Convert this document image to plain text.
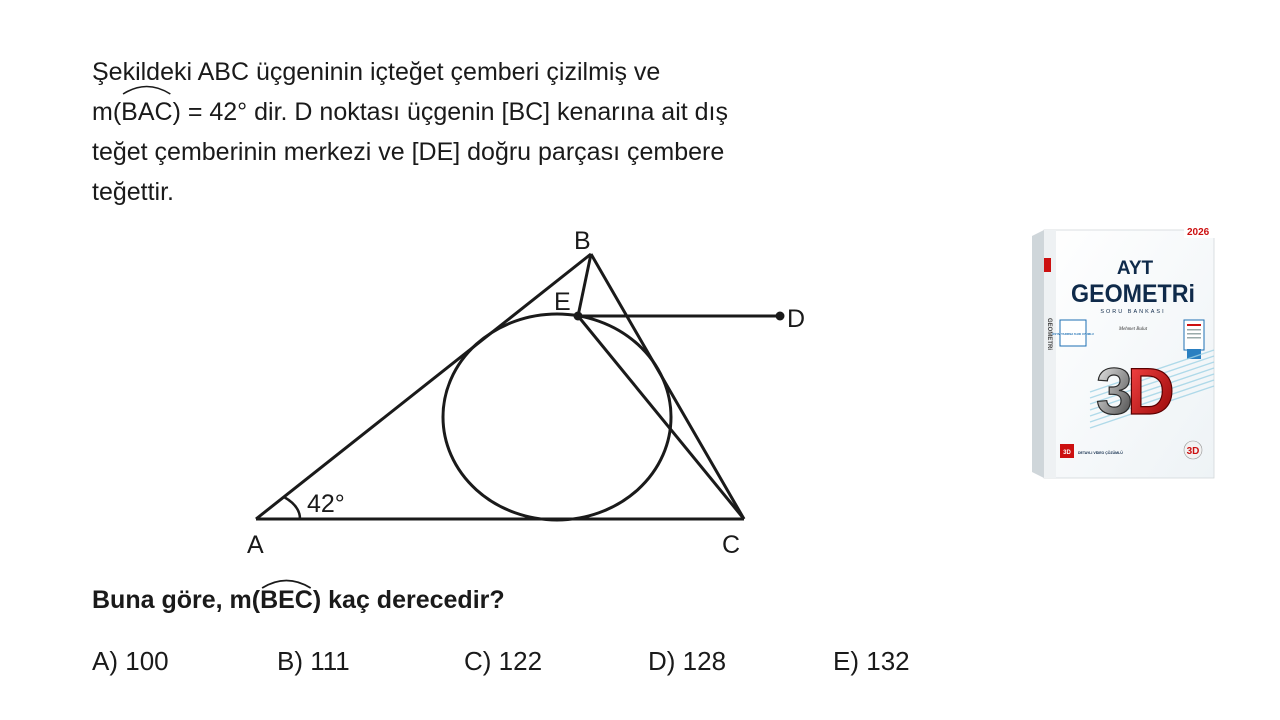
Şekildeki ABC üçgeninin içteğet çemberi çizilmiş ve
m(
BAC) = 42° dir. D noktası üçgenin [BC] kenarına ait dış
teğet çemberinin merkezi ve [DE] doğru parçası çembere
teğettir.
B
E
D
A	C
42°
Buna göre, m(
BEC) kaç derecedir?
A) 100	B) 111	C) 122	D) 128	E) 132
GEOMETRi
2026
AYT
GEOMETRi
SORU BANKASI
Mehmet Bulut
ÖSYM TARZINA %100 UYUMLU
3
D
3D DETAYLI VİDEO ÇÖZÜMLÜ	3D
